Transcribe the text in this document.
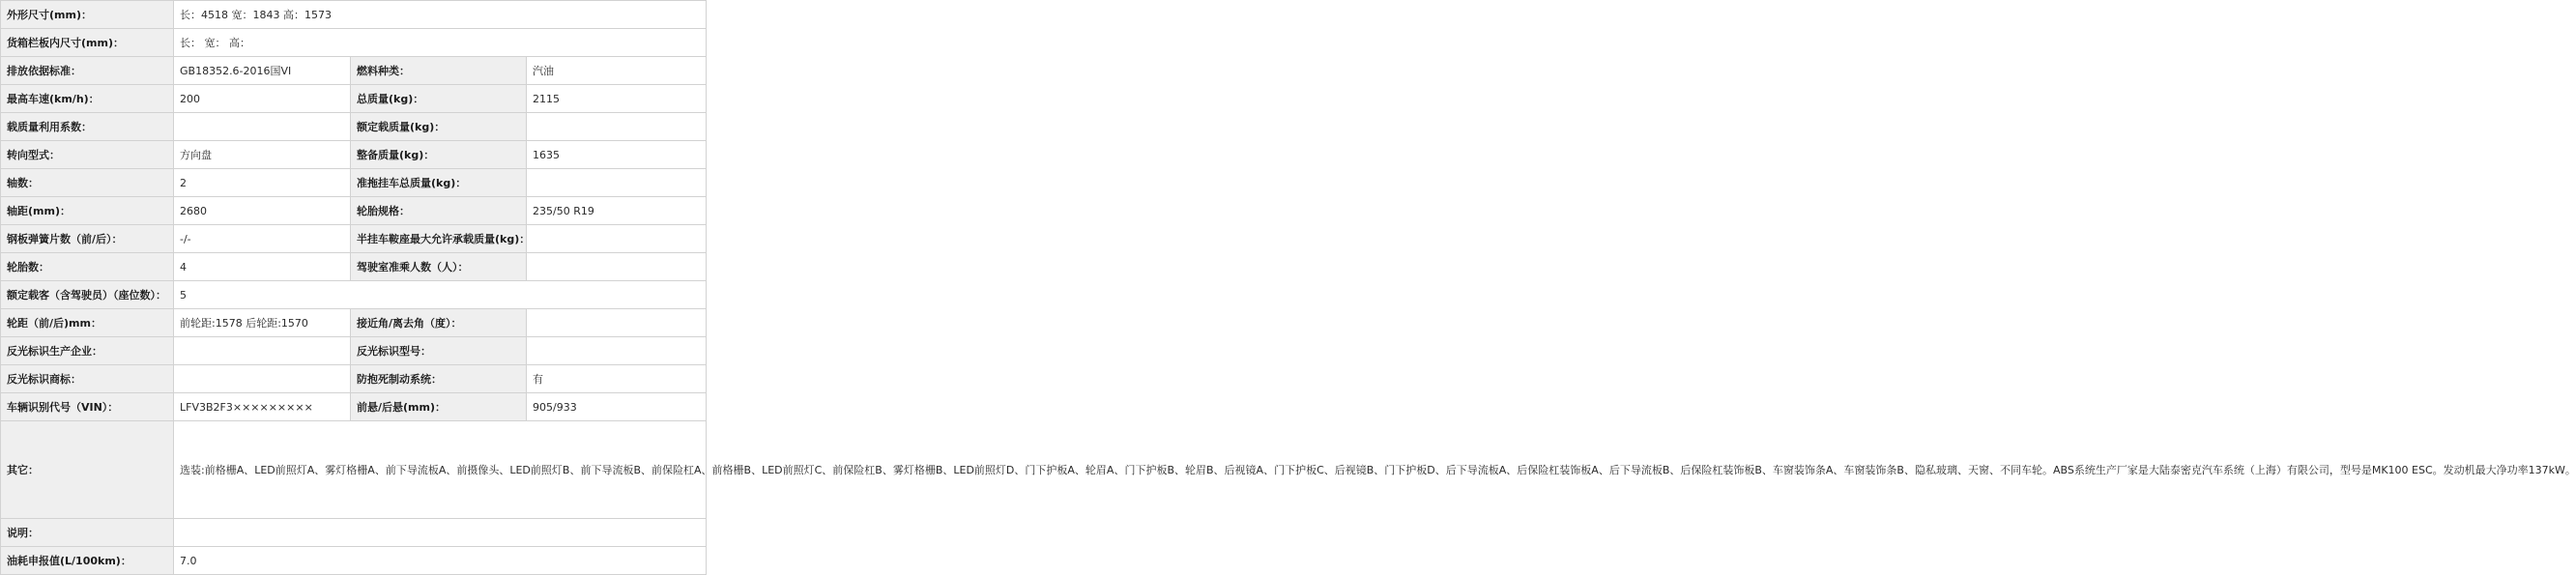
外形尺寸(mm)：	长：4518 宽：1843 高：1573		
货箱栏板内尺寸(mm)：	长： 宽： 高：		
排放依据标准：	GB18352.6-2016国VI	燃料种类：	汽油
最高车速(km/h)：	200	总质量(kg)：	2115
载质量利用系数：		额定载质量(kg)：	
转向型式：	方向盘	整备质量(kg)：	1635
轴数：	2	准拖挂车总质量(kg)：	
轴距(mm)：	2680	轮胎规格：	235/50 R19
钢板弹簧片数（前/后）：	-/-	半挂车鞍座最大允许承载质量(kg)：	
轮胎数：	4	驾驶室准乘人数（人）：	
额定载客（含驾驶员）（座位数）：	5		
轮距（前/后)mm：	前轮距:1578 后轮距:1570	接近角/离去角（度）：	
反光标识生产企业：		反光标识型号：	
反光标识商标：		防抱死制动系统：	有
车辆识别代号（VIN）：	LFV3B2F3×××××××××	前悬/后悬(mm)：	905/933
其它：	选装:前格栅A、LED前照灯A、雾灯格栅A、前下导流板A、前摄像头、LED前照灯B、前下导流板B、前保险杠A、前格栅B、LED前照灯C、前保险杠B、雾灯格栅B、LED前照灯D、门下护板A、轮眉A、门下护板B、轮眉B、后视镜A、门下护板C、后视镜B、门下护板D、后下导流板A、后保险杠装饰板A、后下导流板B、后保险杠装饰板B、车窗装饰条A、车窗装饰条B、隐私玻璃、天窗、不同车轮。ABS系统生产厂家是大陆泰密克汽车系统（上海）有限公司，型号是MK100 ESC。发动机最大净功率137kW。		
说明：			
油耗申报值(L/100km)：	7.0		
